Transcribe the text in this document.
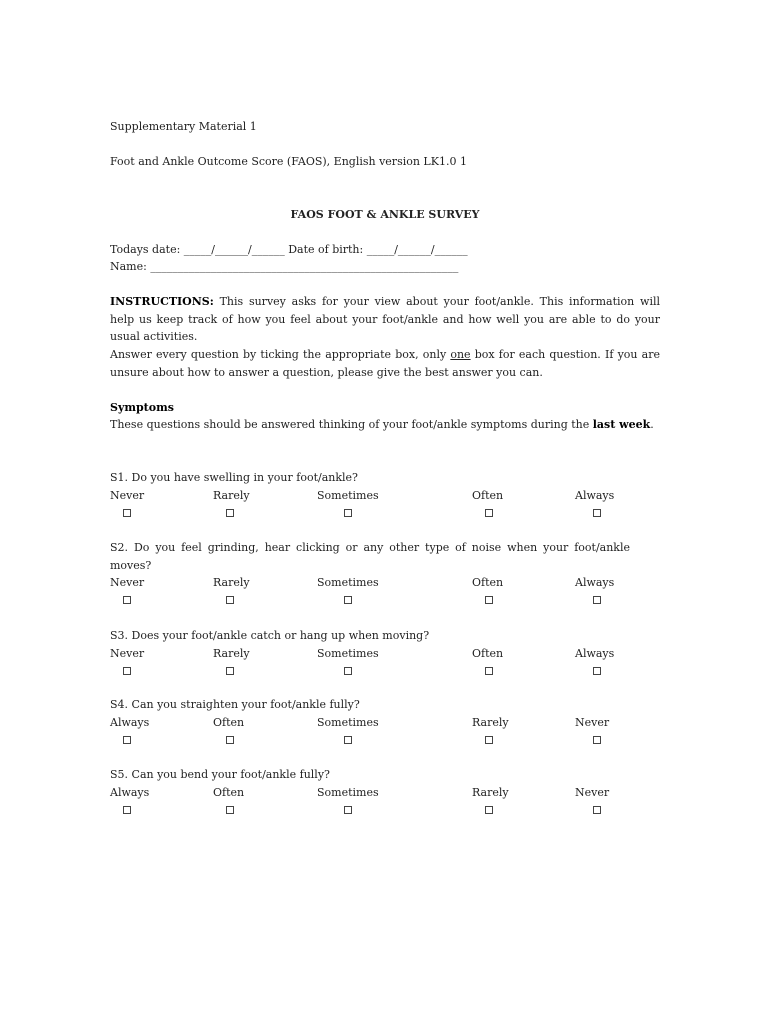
Supplementary Material 1
Foot and Ankle Outcome Score (FAOS), English version LK1.0 1
FAOS FOOT & ANKLE SURVEY
Todays date: _____/______/______ Date of birth: _____/______/______
Name: ________________________________________________________
INSTRUCTIONS: This survey asks for your view about your foot/ankle. This information will help us keep track of how you feel about your foot/ankle and how well you are able to do your usual activities.
Answer every question by ticking the appropriate box, only one box for each question. If you are unsure about how to answer a question, please give the best answer you can.
Symptoms
These questions should be answered thinking of your foot/ankle symptoms during the last week.
S1. Do you have swelling in your foot/ankle?
Never	Rarely	Sometimes	Often	Always
S2. Do you feel grinding, hear clicking or any other type of noise when your foot/ankle moves?
Never	Rarely	Sometimes	Often	Always
S3. Does your foot/ankle catch or hang up when moving?
Never	Rarely	Sometimes	Often	Always
S4. Can you straighten your foot/ankle fully?
Always	Often	Sometimes	Rarely	Never
S5. Can you bend your foot/ankle fully?
Always	Often	Sometimes	Rarely	Never
